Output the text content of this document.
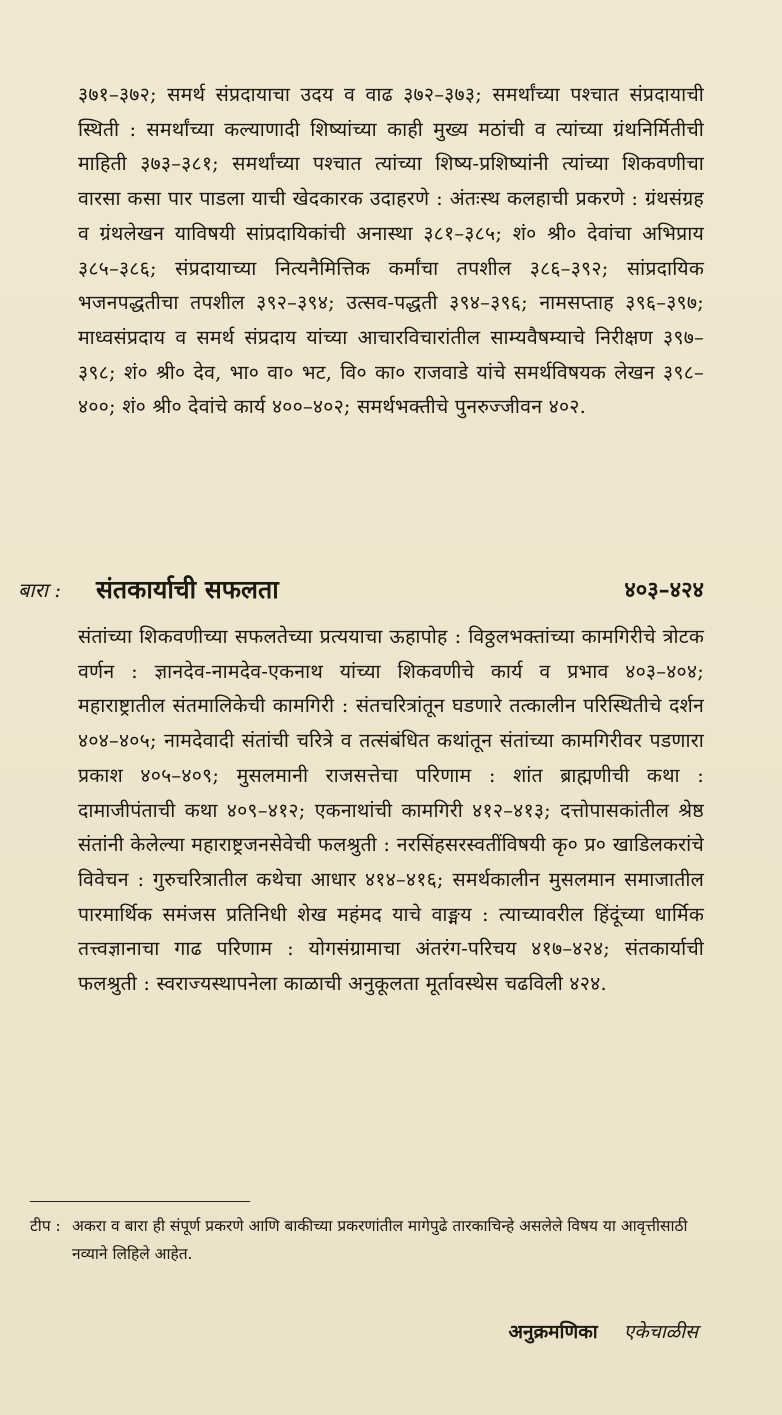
३७१–३७२; समर्थ संप्रदायाचा उदय व वाढ ३७२–३७३; समर्थांच्या पश्चात संप्रदायाची स्थिती : समर्थांच्या कल्याणादी शिष्यांच्या काही मुख्य मठांची व त्यांच्या ग्रंथनिर्मितीची माहिती ३७३–३८१; समर्थांच्या पश्चात त्यांच्या शिष्य-प्रशिष्यांनी त्यांच्या शिकवणीचा वारसा कसा पार पाडला याची खेदकारक उदाहरणे : अंतःस्थ कलहाची प्रकरणे : ग्रंथसंग्रह व ग्रंथलेखन याविषयी सांप्रदायिकांची अनास्था ३८१–३८५; शं० श्री० देवांचा अभिप्राय ३८५–३८६; संप्रदायाच्या नित्यनैमित्तिक कर्मांचा तपशील ३८६–३९२; सांप्रदायिक भजनपद्धतीचा तपशील ३९२–३९४; उत्सव-पद्धती ३९४–३९६; नामसप्ताह ३९६–३९७; माध्वसंप्रदाय व समर्थ संप्रदाय यांच्या आचारविचारांतील साम्यवैषम्याचे निरीक्षण ३९७–३९८; शं० श्री० देव, भा० वा० भट, वि० का० राजवाडे यांचे समर्थविषयक लेखन ३९८–४००; शं० श्री० देवांचे कार्य ४००–४०२; समर्थभक्तीचे पुनरुज्जीवन ४०२.

बारा : संतकार्याची सफलता	४०३–४२४

संतांच्या शिकवणीच्या सफलतेच्या प्रत्ययाचा ऊहापोह : विठ्ठलभक्तांच्या कामगिरीचे त्रोटक वर्णन : ज्ञानदेव-नामदेव-एकनाथ यांच्या शिकवणीचे कार्य व प्रभाव ४०३–४०४; महाराष्ट्रातील संतमालिकेची कामगिरी : संतचरित्रांतून घडणारे तत्कालीन परिस्थितीचे दर्शन ४०४–४०५; नामदेवादी संतांची चरित्रे व तत्संबंधित कथांतून संतांच्या कामगिरीवर पडणारा प्रकाश ४०५–४०९; मुसलमानी राजसत्तेचा परिणाम : शांत ब्राह्मणीची कथा : दामाजीपंताची कथा ४०९–४१२; एकनाथांची कामगिरी ४१२–४१३; दत्तोपासकांतील श्रेष्ठ संतांनी केलेल्या महाराष्ट्रजनसेवेची फलश्रुती : नरसिंहसरस्वतींविषयी कृ० प्र० खाडिलकरांचे विवेचन : गुरुचरित्रातील कथेचा आधार ४१४–४१६; समर्थकालीन मुसलमान समाजातील पारमार्थिक समंजस प्रतिनिधी शेख महंमद याचे वाङ्मय : त्याच्यावरील हिंदूंच्या धार्मिक तत्त्वज्ञानाचा गाढ परिणाम : योगसंग्रामाचा अंतरंग-परिचय ४१७–४२४; संतकार्याची फलश्रुती : स्वराज्यस्थापनेला काळाची अनुकूलता मूर्तावस्थेस चढविली ४२४.

टीप : अकरा व बारा ही संपूर्ण प्रकरणे आणि बाकीच्या प्रकरणांतील मागेपुढे तारकाचिन्हे असलेले विषय या आवृत्तीसाठी नव्याने लिहिले आहेत.
अनुक्रमणिका एकेचाळीस
